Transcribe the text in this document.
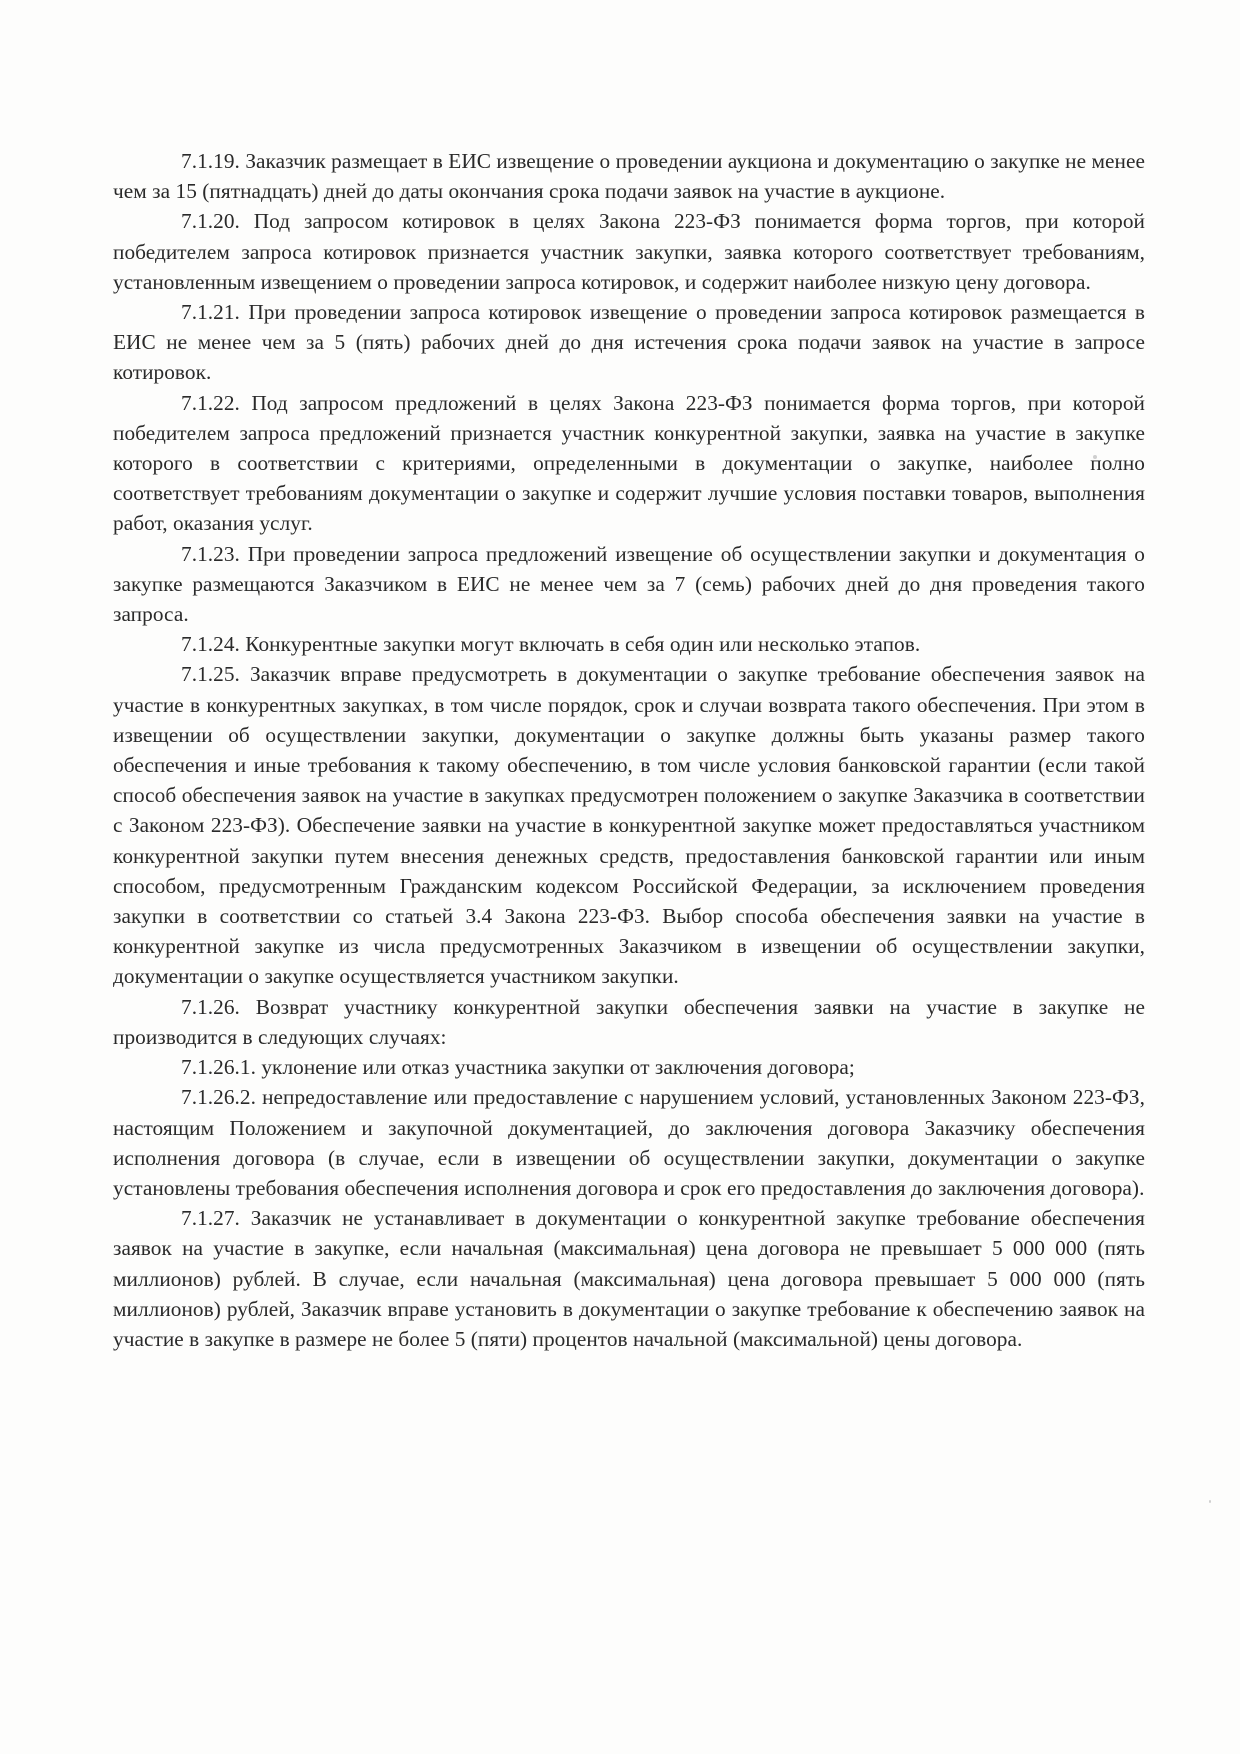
7.1.19. Заказчик размещает в ЕИС извещение о проведении аукциона и документацию о закупке не менее чем за 15 (пятнадцать) дней до даты окончания срока подачи заявок на участие в аукционе.

7.1.20. Под запросом котировок в целях Закона 223-ФЗ понимается форма торгов, при которой победителем запроса котировок признается участник закупки, заявка которого соответствует требованиям, установленным извещением о проведении запроса котировок, и содержит наиболее низкую цену договора.

7.1.21. При проведении запроса котировок извещение о проведении запроса котировок размещается в ЕИС не менее чем за 5 (пять) рабочих дней до дня истечения срока подачи заявок на участие в запросе котировок.

7.1.22. Под запросом предложений в целях Закона 223-ФЗ понимается форма торгов, при которой победителем запроса предложений признается участник конкурентной закупки, заявка на участие в закупке которого в соответствии с критериями, определенными в документации о закупке, наиболее полно соответствует требованиям документации о закупке и содержит лучшие условия поставки товаров, выполнения работ, оказания услуг.

7.1.23. При проведении запроса предложений извещение об осуществлении закупки и документация о закупке размещаются Заказчиком в ЕИС не менее чем за 7 (семь) рабочих дней до дня проведения такого запроса.

7.1.24. Конкурентные закупки могут включать в себя один или несколько этапов.

7.1.25. Заказчик вправе предусмотреть в документации о закупке требование обеспечения заявок на участие в конкурентных закупках, в том числе порядок, срок и случаи возврата такого обеспечения. При этом в извещении об осуществлении закупки, документации о закупке должны быть указаны размер такого обеспечения и иные требования к такому обеспечению, в том числе условия банковской гарантии (если такой способ обеспечения заявок на участие в закупках предусмотрен положением о закупке Заказчика в соответствии с Законом 223-ФЗ). Обеспечение заявки на участие в конкурентной закупке может предоставляться участником конкурентной закупки путем внесения денежных средств, предоставления банковской гарантии или иным способом, предусмотренным Гражданским кодексом Российской Федерации, за исключением проведения закупки в соответствии со статьей 3.4 Закона 223-ФЗ. Выбор способа обеспечения заявки на участие в конкурентной закупке из числа предусмотренных Заказчиком в извещении об осуществлении закупки, документации о закупке осуществляется участником закупки.

7.1.26. Возврат участнику конкурентной закупки обеспечения заявки на участие в закупке не производится в следующих случаях:

7.1.26.1. уклонение или отказ участника закупки от заключения договора;

7.1.26.2. непредоставление или предоставление с нарушением условий, установленных Законом 223-ФЗ, настоящим Положением и закупочной документацией, до заключения договора Заказчику обеспечения исполнения договора (в случае, если в извещении об осуществлении закупки, документации о закупке установлены требования обеспечения исполнения договора и срок его предоставления до заключения договора).

7.1.27. Заказчик не устанавливает в документации о конкурентной закупке требование обеспечения заявок на участие в закупке, если начальная (максимальная) цена договора не превышает 5 000 000 (пять миллионов) рублей. В случае, если начальная (максимальная) цена договора превышает 5 000 000 (пять миллионов) рублей, Заказчик вправе установить в документации о закупке требование к обеспечению заявок на участие в закупке в размере не более 5 (пяти) процентов начальной (максимальной) цены договора.
